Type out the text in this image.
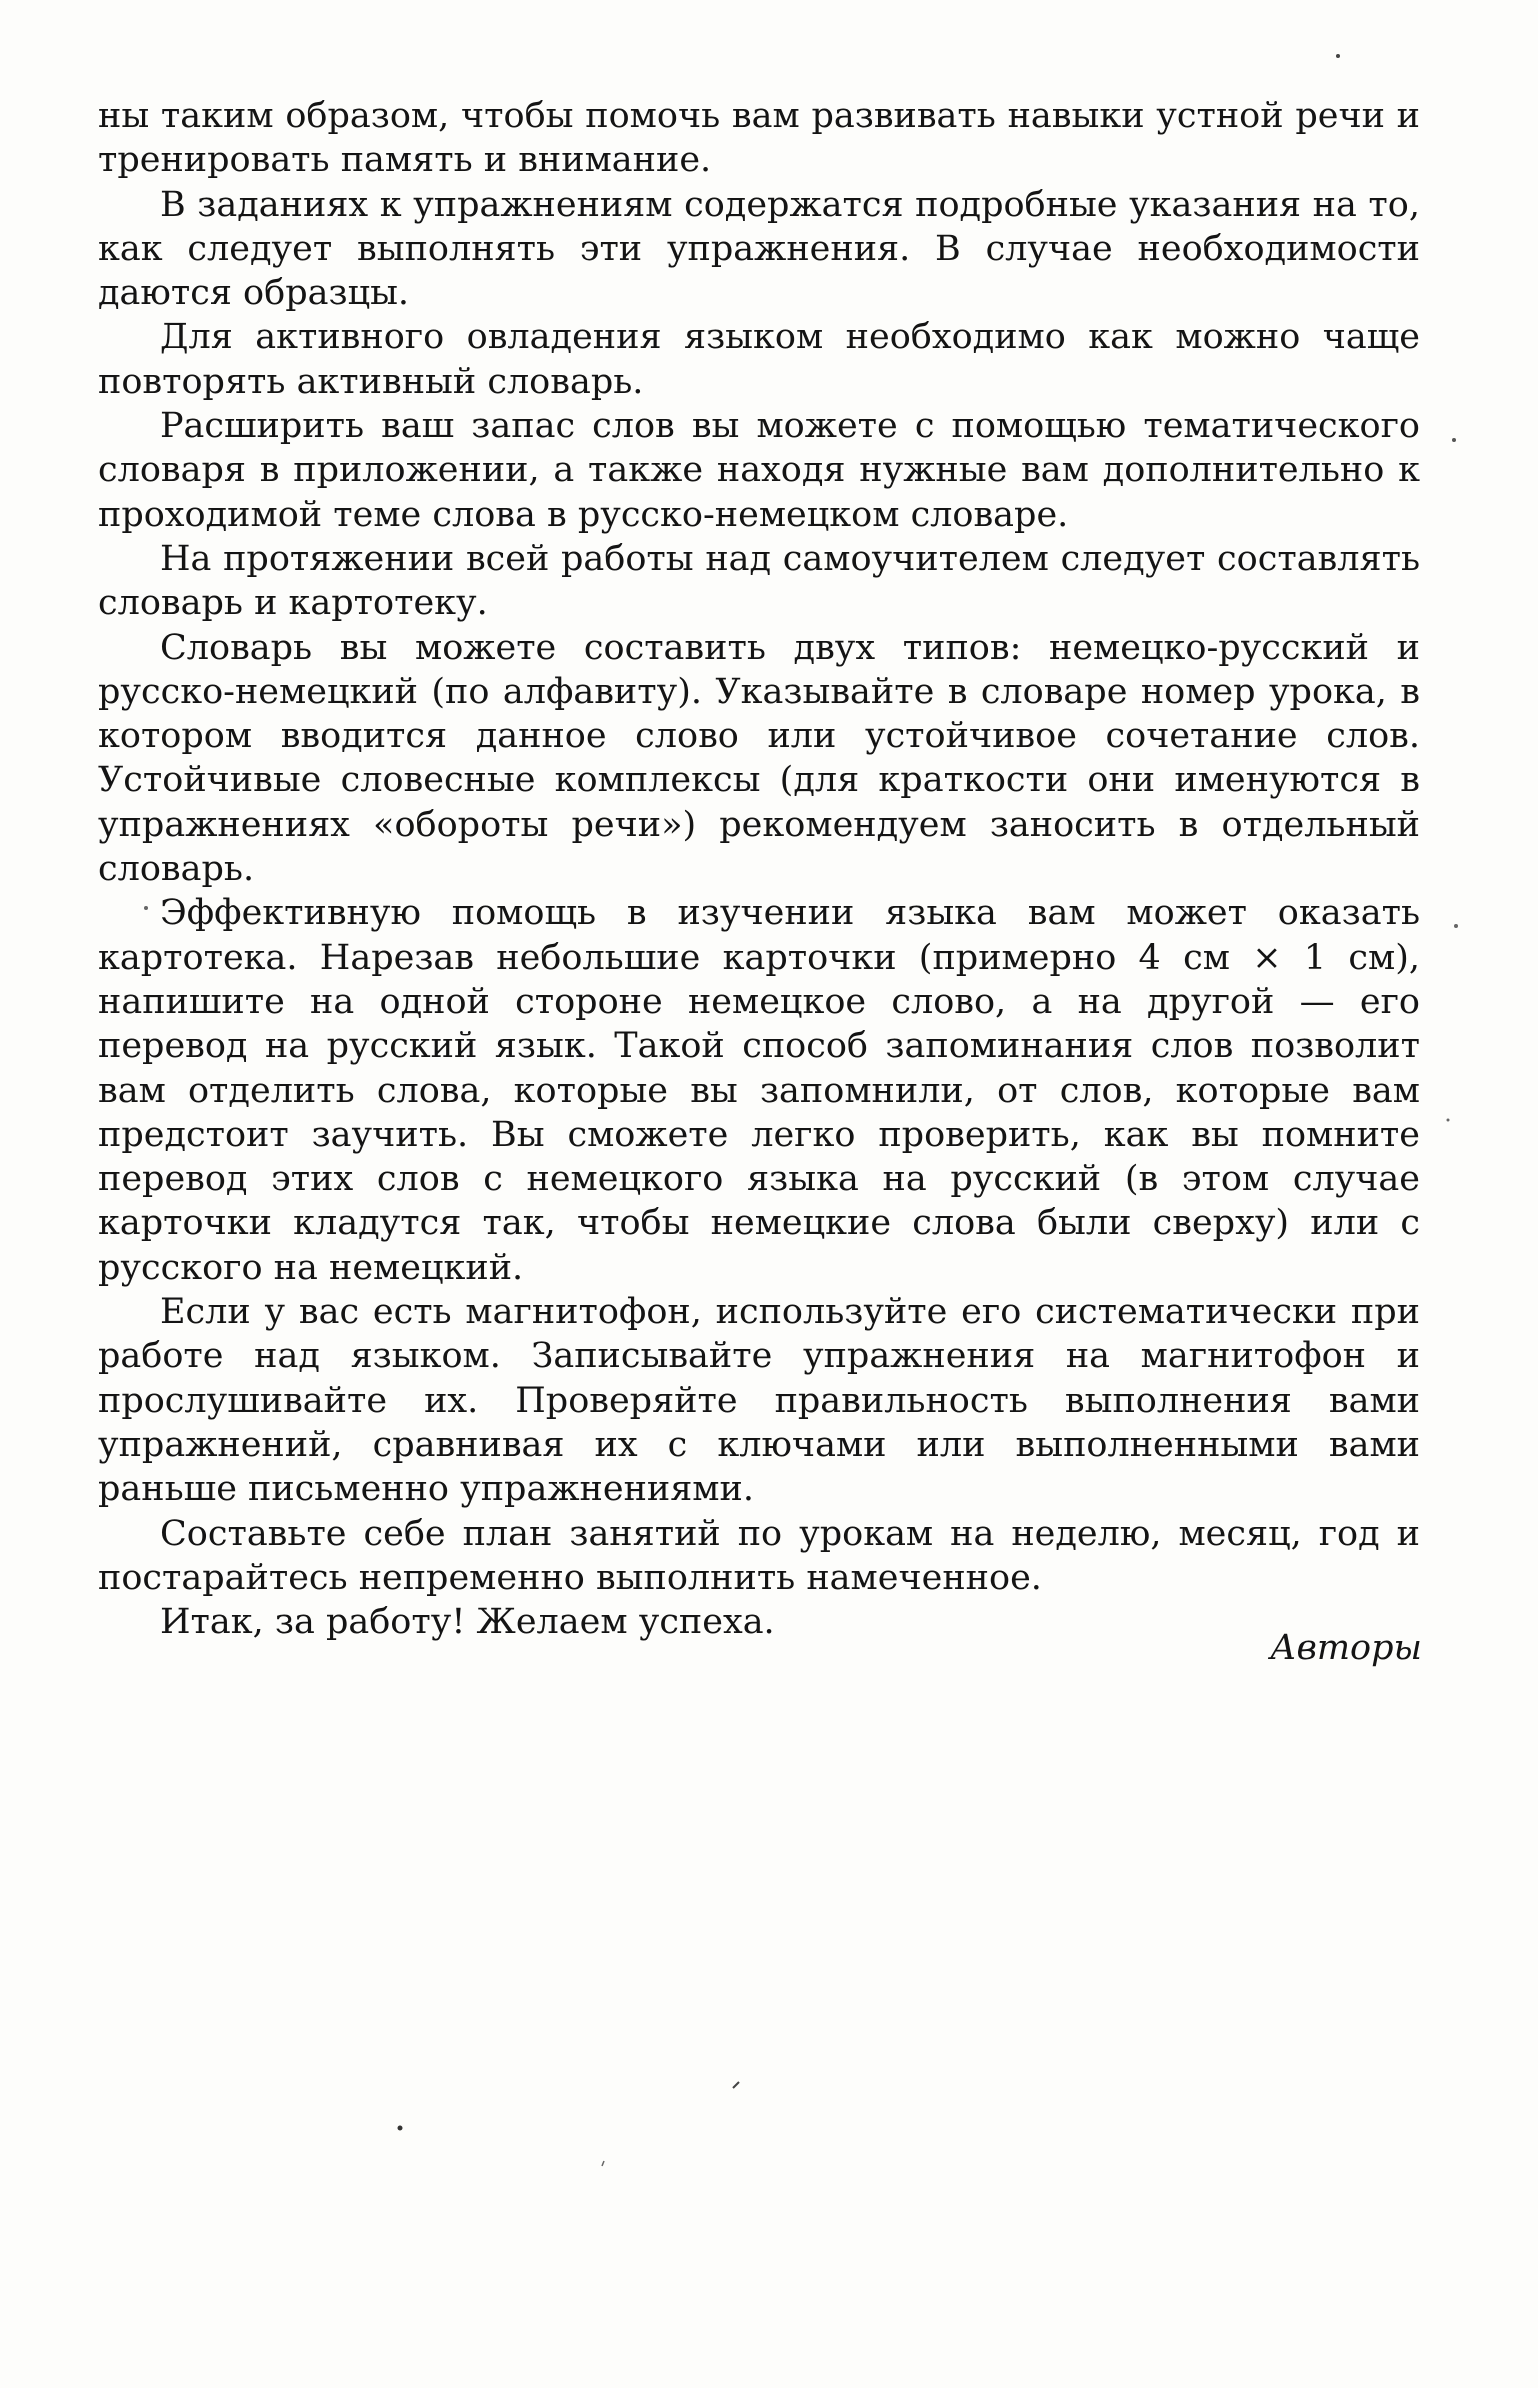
ны таким образом, чтобы помочь вам развивать навыки устной речи и тренировать память и внимание.

В заданиях к упражнениям содержатся подробные указания на то, как следует выполнять эти упражнения. В случае необходимости даются образцы.

Для активного овладения языком необходимо как можно чаще повторять активный словарь.

Расширить ваш запас слов вы можете с помощью тематического словаря в приложении, а также находя нужные вам дополнительно к проходимой теме слова в русско-немецком словаре.

На протяжении всей работы над самоучителем следует составлять словарь и картотеку.

Словарь вы можете составить двух типов: немецко-русский и русско-немецкий (по алфавиту). Указывайте в словаре номер урока, в котором вводится данное слово или устойчивое сочетание слов. Устойчивые словесные комплексы (для краткости они именуются в упражнениях «обороты речи») рекомендуем заносить в отдельный словарь.

Эффективную помощь в изучении языка вам может оказать картотека. Нарезав небольшие карточки (примерно 4 см × 1 см), напишите на одной стороне немецкое слово, а на другой — его перевод на русский язык. Такой способ запоминания слов позволит вам отделить слова, которые вы запомнили, от слов, которые вам предстоит заучить. Вы сможете легко проверить, как вы помните перевод этих слов с немецкого языка на русский (в этом случае карточки кладутся так, чтобы немецкие слова были сверху) или с русского на немецкий.

Если у вас есть магнитофон, используйте его систематически при работе над языком. Записывайте упражнения на магнитофон и прослушивайте их. Проверяйте правильность выполнения вами упражнений, сравнивая их с ключами или выполненными вами раньше письменно упражнениями.

Составьте себе план занятий по урокам на неделю, месяц, год и постарайтесь непременно выполнить намеченное.

Итак, за работу! Желаем успеха.

Авторы
